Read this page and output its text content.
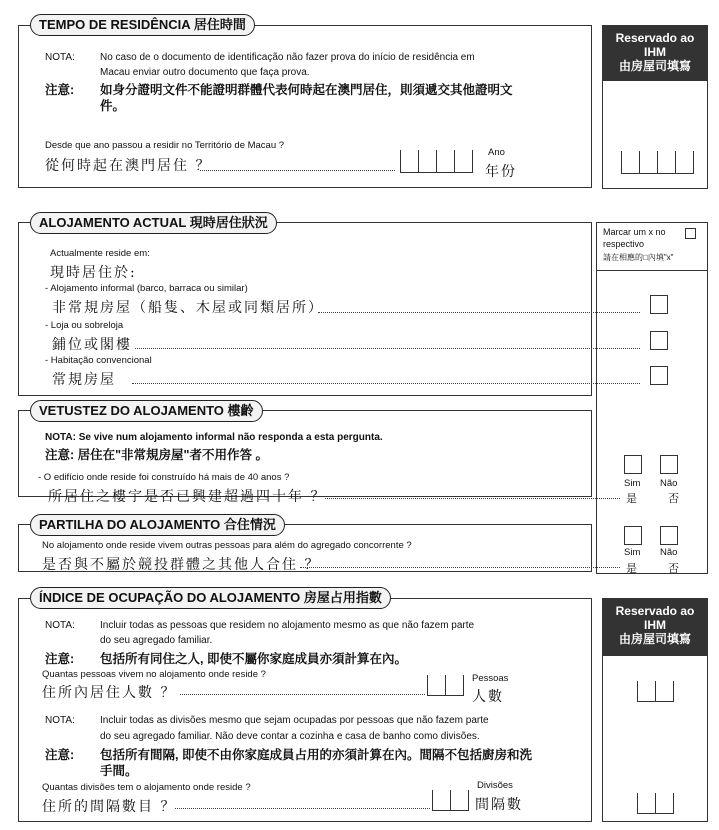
TEMPO DE RESIDÊNCIA 居住時間
NOTA:	No caso de o documento de identificação não fazer prova do início de residência em
Macau enviar outro documento que faça prova.
注意: 如身分證明文件不能證明群體代表何時起在澳門居住，則須遞交其他證明文
件。
Desde que ano passou a residir no Território de Macau ?
從何時起在澳門居住 ？
Ano
年份
Reservado ao
IHM
由房屋司填寫
ALOJAMENTO ACTUAL 現時居住狀況
Actualmente reside em:
現時居住於:
- Alojamento informal (barco, barraca ou similar)
非常規房屋（船隻、木屋或同類居所）
- Loja ou sobreloja
鋪位或閣樓
- Habitação convencional
常規房屋
Marcar um x no
respectivo
請在相應的□內填"x"
VETUSTEZ DO ALOJAMENTO 樓齡
NOTA: Se vive num alojamento informal não responda a esta pergunta.
注意: 居住在"非常規房屋"者不用作答 。
- O edifício onde reside foi construído há mais de 40 anos ?
所居住之樓宇是否已興建超過四十年 ？
Sim Não
是	否
PARTILHA DO ALOJAMENTO 合住情況
No alojamento onde reside vivem outras pessoas para além do agregado concorrente ?
是否與不屬於競投群體之其他人合住 ？
Sim Não
是	否
ÍNDICE DE OCUPAÇÃO DO ALOJAMENTO 房屋占用指數
NOTA:	Incluir todas as pessoas que residem no alojamento mesmo as que não fazem parte
do seu agregado familiar.
注意: 包括所有同住之人, 即使不屬你家庭成員亦須計算在內。
Quantas pessoas vivem no alojamento onde reside ?
住所內居住人數 ？
Pessoas
人數
NOTA:	Incluir todas as divisões mesmo que sejam ocupadas por pessoas que não fazem parte
do seu agregado familiar. Não deve contar a cozinha e casa de banho como divisões.
注意: 包括所有間隔, 即使不由你家庭成員占用的亦須計算在內。間隔不包括廚房和洗
手間。
Quantas divisões tem o alojamento onde reside ?
住所的間隔數目 ？
Divisões
間隔數
Reservado ao
IHM
由房屋司填寫
